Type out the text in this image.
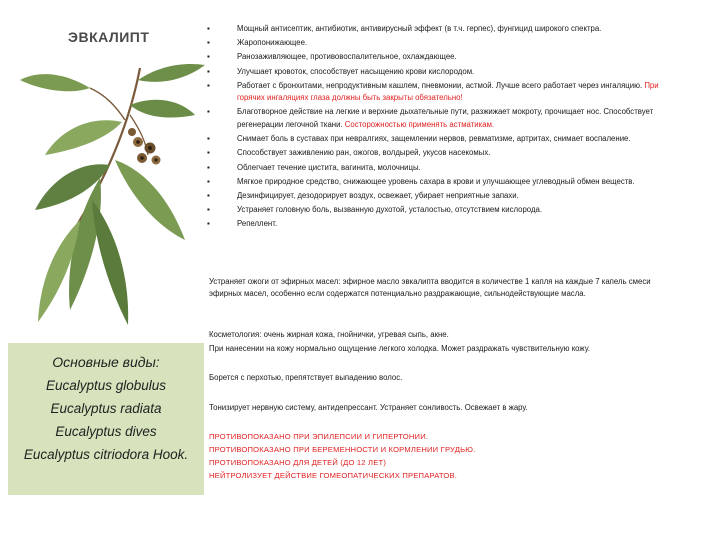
ЭВКАЛИПТ
Основные виды:
Eucalyptus globulus
Eucalyptus radiata
Eucalyptus dives
Eucalyptus citriodora Hook.
▪	Мощный антисептик, антибиотик, антивирусный эффект (в т.ч. герпес), фунгицид широкого спектра.
▪	Жаропонижающее.
▪	Ранозаживляющее, противовоспалительное, охлаждающее.
▪	Улучшает кровоток, способствует насыщению крови кислородом.
▪	Работает с бронхитами, непродуктивным кашлем, пневмонии, астмой. Лучше всего работает через ингаляцию. При горячих ингаляциях глаза должны быть закрыты обязательно!
▪	Благотворное действие на легкие и верхние дыхательные пути, разжижает мокроту, прочищает нос. Способствует регенерации легочной ткани. Состорожностью применять астматикам.
▪	Снимает боль в суставах при невралгиях, защемлении нервов, ревматизме, артритах, снимает воспаление.
▪	Способствует заживлению ран, ожогов, волдырей, укусов насекомых.
▪	Облегчает течение цистита, вагинита, молочницы.
▪	Мягкое природное средство, снижающее уровень сахара в крови и улучшающее углеводный обмен веществ.
▪	Дезинфицирует, дезодорирует воздух, освежает, убирает неприятные запахи.
▪	Устраняет головную боль, вызванную духотой, усталостью, отсутствием кислорода.
▪	Репеллент.
Устраняет ожоги от эфирных масел: эфирное масло эвкалипта вводится в количестве 1 капля на каждые 7 капель смеси эфирных масел, особенно если содержатся потенциально раздражающие, сильнодействующие масла.
Косметология: очень жирная кожа, гнойнички, угревая сыпь, акне.
При нанесении на кожу нормально ощущение легкого холодка. Может раздражать чувствительную кожу.
Борется с перхотью, препятствует выпадению волос.
Тонизирует нервную систему, антидепрессант. Устраняет сонливость. Освежает в жару.
ПРОТИВОПОКАЗАНО ПРИ ЭПИЛЕПСИИ И ГИПЕРТОНИИ.
ПРОТИВОПОКАЗАНО ПРИ БЕРЕМЕННОСТИ И КОРМЛЕНИИ ГРУДЬЮ.
ПРОТИВОПОКАЗАНО ДЛЯ ДЕТЕЙ (ДО 12 ЛЕТ)
НЕЙТРОЛИЗУЕТ ДЕЙСТВИЕ ГОМЕОПАТИЧЕСКИХ ПРЕПАРАТОВ.
